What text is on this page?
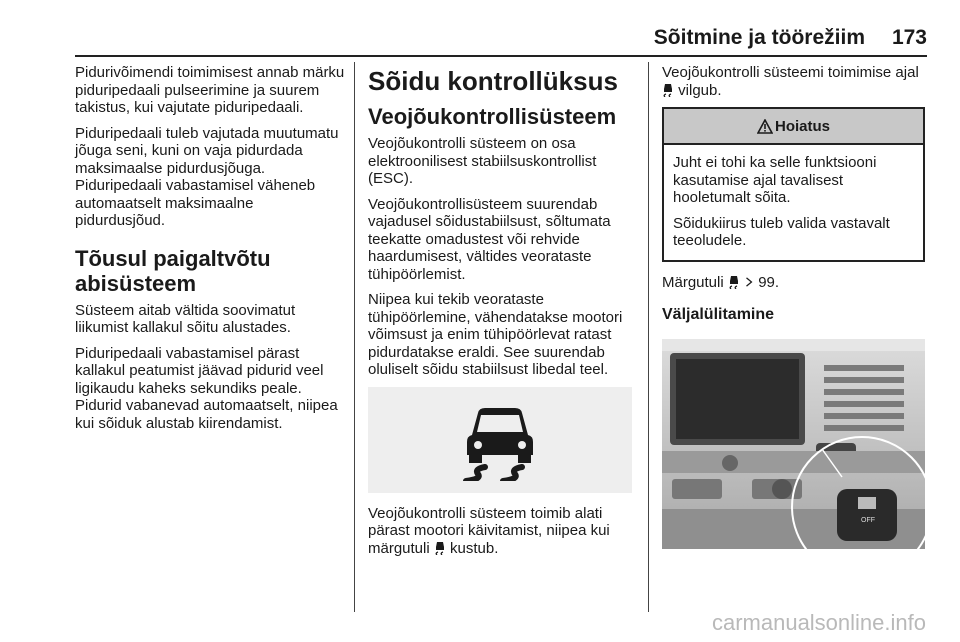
Sõitmine ja töörežiim 173

Pidurivõimendi toimimisest annab märku piduripedaali pulseerimine ja suurem takistus, kui vajutate piduripedaali.

Piduripedaali tuleb vajutada muutumatu jõuga seni, kuni on vaja pidurdada maksimaalse pidurdusjõuga. Piduripedaali vabastamisel väheneb automaatselt maksimaalne pidurdusjõud.

Tõusul paigaltvõtu abisüsteem

Süsteem aitab vältida soovimatut liikumist kallakul sõitu alustades.

Piduripedaali vabastamisel pärast kallakul peatumist jäävad pidurid veel ligikaudu kaheks sekundiks peale. Pidurid vabanevad automaatselt, niipea kui sõiduk alustab kiirendamist.

Sõidu kontrollüksus
Veojõukontrollisüsteem

Veojõukontrolli süsteem on osa elektroonilisest stabiilsuskontrollist (ESC).

Veojõukontrollisüsteem suurendab vajadusel sõidustabiilsust, sõltumata teekatte omadustest või rehvide haardumisest, vältides veorataste tühipöörlemist.

Niipea kui tekib veorataste tühipöörlemine, vähendatakse mootori võimsust ja enim tühipöörlevat ratast pidurdatakse eraldi. See suurendab oluliselt sõidu stabiilsust libedal teel.

Veojõukontrolli süsteem toimib alati pärast mootori käivitamist, niipea kui märgutuli  kustub.

Veojõukontrolli süsteemi toimimise ajal  vilgub.

Hoiatus

Juht ei tohi ka selle funktsiooni kasutamise ajal tavalisest hooletumalt sõita.

Sõidukiirus tuleb valida vastavalt teeoludele.

Märgutuli   99.

Väljalülitamine
OFF
carmanualsonline.info
